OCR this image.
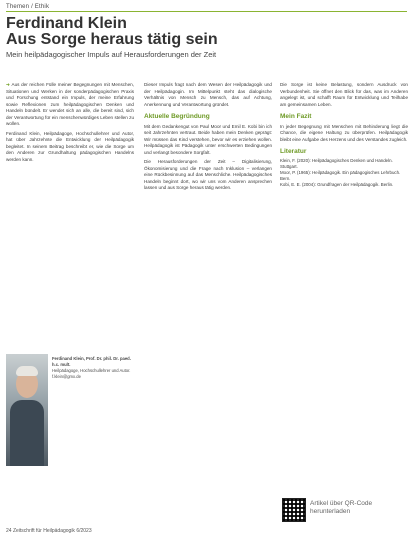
Themen / Ethik
Ferdinand Klein
Aus Sorge heraus tätig sein
Mein heilpädagogischer Impuls auf Herausforderungen der Zeit

➜ Aus der reichen Fülle meiner Begegnungen mit Menschen, Situationen und Werken in der sonderpädagogischen Praxis und Forschung entstand ein Impuls, der meine Erfahrung sowie Reflexionen zum heilpädagogischen Denken und Handeln bündelt. Er wendet sich an alle, die bereit sind, sich der Verantwortung für ein menschenwürdiges Leben stellen zu wollen.

Ferdinand Klein, Heilpädagoge, Hochschullehrer und Autor, hat über Jahrzehnte die Entwicklung der Heilpädagogik begleitet. In seinem Beitrag beschreibt er, wie die Sorge um den Anderen zur Grundhaltung pädagogischen Handelns werden kann.

Ferdinand Klein, Prof. Dr. phil. Dr. paed. h.c. mult.
Heilpädagoge, Hochschullehrer und Autor.
f.klein@gmx.de

Dieser Impuls fragt nach dem Wesen der Heilpädagogik und der Heilpädagogin. Im Mittelpunkt steht das dialogische Verhältnis von Mensch zu Mensch, das auf Achtung, Anerkennung und Verantwortung gründet.

Aktuelle Begründung

Mit dem Gedankengut von Paul Moor und Emil E. Kobi bin ich seit Jahrzehnten vertraut. Beide haben mein Denken geprägt: Wir müssen das Kind verstehen, bevor wir es erziehen wollen. Heilpädagogik ist Pädagogik unter erschwerten Bedingungen und verlangt besondere Sorgfalt.

Die Herausforderungen der Zeit – Digitalisierung, Ökonomisierung und die Frage nach Inklusion – verlangen eine Rückbesinnung auf das Menschliche. Heilpädagogisches Handeln beginnt dort, wo wir uns vom Anderen ansprechen lassen und aus Sorge heraus tätig werden.

Die Sorge ist keine Belastung, sondern Ausdruck von Verbundenheit. Sie öffnet den Blick für das, was im Anderen angelegt ist, und schafft Raum für Entwicklung und Teilhabe am gemeinsamen Leben.

Mein Fazit

In jeder Begegnung mit Menschen mit Behinderung liegt die Chance, die eigene Haltung zu überprüfen. Heilpädagogik bleibt eine Aufgabe des Herzens und des Verstandes zugleich.

Literatur
Klein, F. (2020): Heilpädagogisches Denken und Handeln. Stuttgart.
Moor, P. (1965): Heilpädagogik. Ein pädagogisches Lehrbuch. Bern.
Kobi, E. E. (2004): Grundfragen der Heilpädagogik. Berlin.
Artikel über QR-Code
herunterladen
24 Zeitschrift für Heilpädagogik 6/2023
